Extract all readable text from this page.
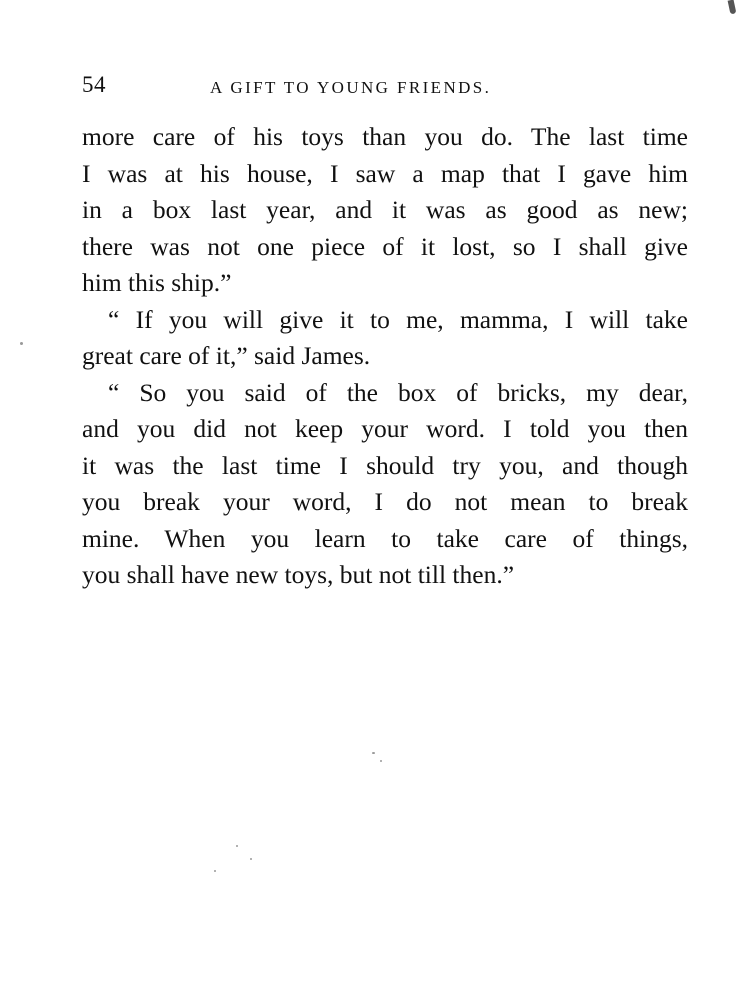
54	A GIFT TO YOUNG FRIENDS.
more care of his toys than you do. The last time
I was at his house, I saw a map that I gave him
in a box last year, and it was as good as new;
there was not one piece of it lost, so I shall give
him this ship.”
“ If you will give it to me, mamma, I will take
great care of it,” said James.
“ So you said of the box of bricks, my dear,
and you did not keep your word. I told you then
it was the last time I should try you, and though
you break your word, I do not mean to break
mine. When you learn to take care of things,
you shall have new toys, but not till then.”
